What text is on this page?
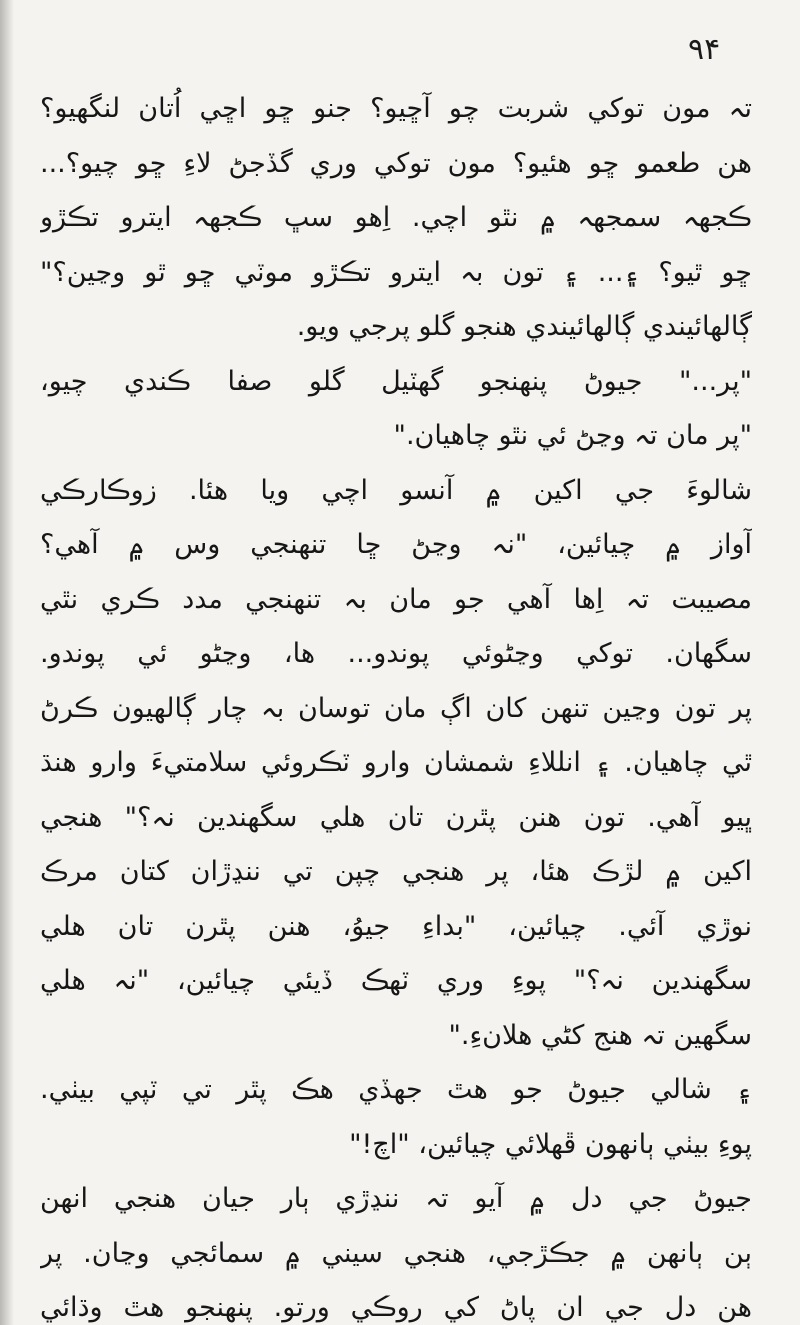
٩۴
تہ مون توکي شربت چو آڇيو؟ جنو ڇو اڇي اُتان لنگهيو؟
هن طعمو ڇو هئيو؟ مون توکي وري گڏجڻ لاءِ ڇو چيو؟...
ڪجهہ سمجهہ ۾ نٿو اچي. اِهو سڀ ڪجهہ ايترو تڪڙو
ڇو ٿيو؟ ۽... ۽ تون بہ ايترو تڪڙو موٽي ڇو ٿو وڃين؟"
ڳالهائيندي ڳالهائيندي هنجو گلو پرجي ويو.
"پر..." جيوڻ پنهنجو گهٽيل گلو صفا ڪندي چيو،
"پر مان تہ وڃڻ ئي نٿو چاهيان."
شالوءَ جي اکين ۾ آنسو اچي ويا هئا. زوڪارڪي
آواز ۾ چيائين، "نہ وڃڻ ڇا تنهنجي وس ۾ آهي؟
مصيبت تہ اِها آهي جو مان بہ تنهنجي مدد ڪري نٿي
سگهان. توکي وڃڻوئي پوندو... ها، وڃڻو ئي پوندو.
پر تون وڃين تنهن کان اڳ مان توسان بہ چار ڳالهيون ڪرڻ
ٿي چاهيان. ۽ انللاءِ شمشان وارو ٽڪروئي سلامتيءَ وارو هنڌ
ڀيو آهي. تون هنن پٿرن تان هلي سگهندين نہ؟" هنجي
اکين ۾ لڙڪ هئا، پر هنجي چپن تي ننڍڙان کتان مرڪ
نوڙي آئي. چيائين، "بداءِ جيوُ، هنن پٿرن تان هلي
سگهندين نہ؟" پوءِ وري ٽهڪ ڏيئي چيائين، "نہ هلي
سگهين تہ هنج کڻي هلانءِ."
۽ شالي جيوڻ جو هٿ جهڏي هڪ پٿر تي ٽپي بيٺي.
پوءِ بيٺي ٻانهون ڦهلائي چيائين، "اچ!"
جيوڻ جي دل ۾ آيو تہ ننڍڙي ٻار جيان هنجي انهن
ٻن ٻانهن ۾ جڪڙجي، هنجي سيني ۾ سمائجي وڃان. پر
هن دل جي ان پاڻ کي روڪي ورتو. پنهنجو هٿ وڌائي
